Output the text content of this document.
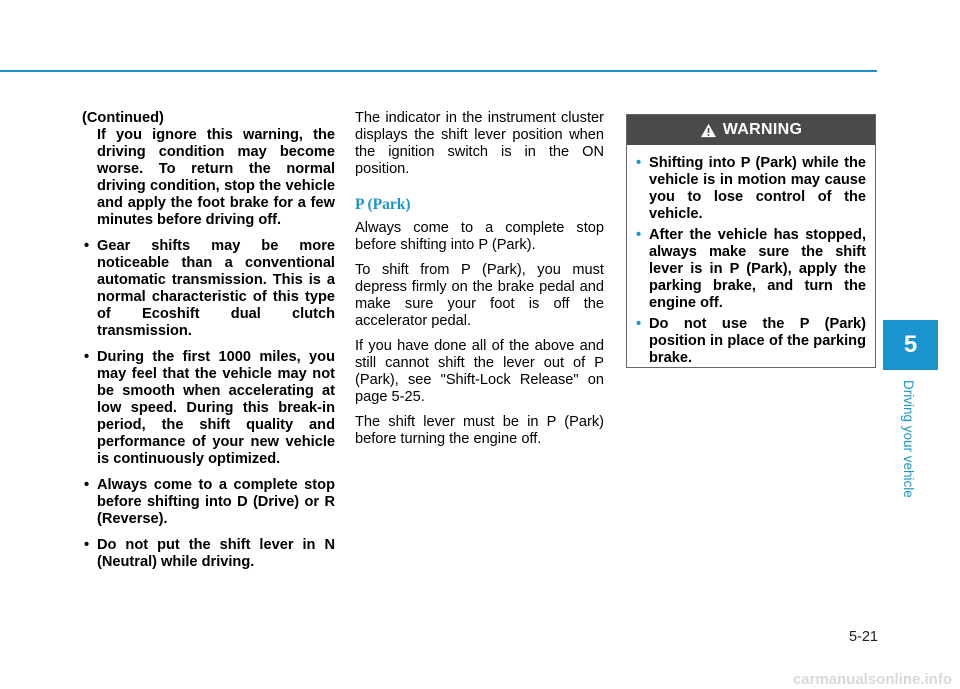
(Continued)
If you ignore this warning, the driving condition may become worse. To return the normal driving condition, stop the vehicle and apply the foot brake for a few minutes before driving off.
• Gear shifts may be more noticeable than a conventional automatic transmission. This is a normal characteristic of this type of Ecoshift dual clutch transmission.
• During the first 1000 miles, you may feel that the vehicle may not be smooth when accelerating at low speed. During this break-in period, the shift quality and performance of your new vehicle is continuously optimized.
• Always come to a complete stop before shifting into D (Drive) or R (Reverse).
• Do not put the shift lever in N (Neutral) while driving.

The indicator in the instrument cluster displays the shift lever position when the ignition switch is in the ON position.

P (Park)

Always come to a complete stop before shifting into P (Park).

To shift from P (Park), you must depress firmly on the brake pedal and make sure your foot is off the accelerator pedal.

If you have done all of the above and still cannot shift the lever out of P (Park), see "Shift-Lock Release" on page 5-25.

The shift lever must be in P (Park) before turning the engine off.

WARNING
• Shifting into P (Park) while the vehicle is in motion may cause you to lose control of the vehicle.
• After the vehicle has stopped, always make sure the shift lever is in P (Park), apply the parking brake, and turn the engine off.
• Do not use the P (Park) position in place of the parking brake.	5
Driving your vehicle
5-21
carmanualsonline.info
